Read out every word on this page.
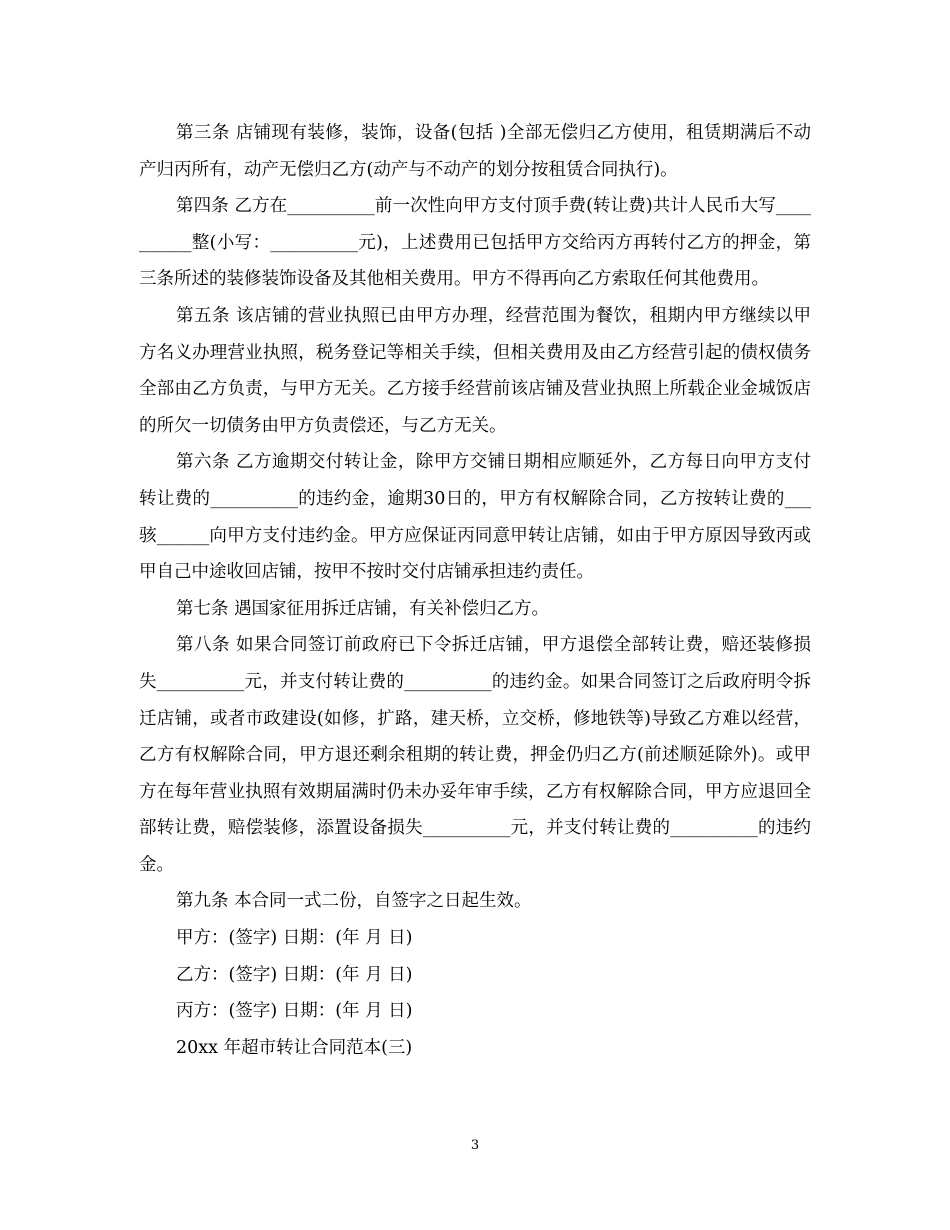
第三条 店铺现有装修，装饰，设备(包括 )全部无偿归乙方使用，租赁期满后不动产归丙所有，动产无偿归乙方(动产与不动产的划分按租赁合同执行)。

第四条 乙方在__________前一次性向甲方支付顶手费(转让费)共计人民币大写__________整(小写：__________元)，上述费用已包括甲方交给丙方再转付乙方的押金，第三条所述的装修装饰设备及其他相关费用。甲方不得再向乙方索取任何其他费用。

第五条 该店铺的营业执照已由甲方办理，经营范围为餐饮，租期内甲方继续以甲方名义办理营业执照，税务登记等相关手续，但相关费用及由乙方经营引起的债权债务全部由乙方负责，与甲方无关。乙方接手经营前该店铺及营业执照上所载企业金城饭店的所欠一切债务由甲方负责偿还，与乙方无关。

第六条 乙方逾期交付转让金，除甲方交铺日期相应顺延外，乙方每日向甲方支付转让费的__________的违约金，逾期30日的，甲方有权解除合同，乙方按转让费的___骇______向甲方支付违约金。甲方应保证丙同意甲转让店铺，如由于甲方原因导致丙或甲自己中途收回店铺，按甲不按时交付店铺承担违约责任。

第七条 遇国家征用拆迁店铺，有关补偿归乙方。

第八条 如果合同签订前政府已下令拆迁店铺，甲方退偿全部转让费，赔还装修损失__________元，并支付转让费的__________的违约金。如果合同签订之后政府明令拆迁店铺，或者市政建设(如修，扩路，建天桥，立交桥，修地铁等)导致乙方难以经营，乙方有权解除合同，甲方退还剩余租期的转让费，押金仍归乙方(前述顺延除外)。或甲方在每年营业执照有效期届满时仍未办妥年审手续，乙方有权解除合同，甲方应退回全部转让费，赔偿装修，添置设备损失__________元，并支付转让费的__________的违约金。

第九条 本合同一式二份，自签字之日起生效。

甲方：(签字) 日期：(年 月 日)

乙方：(签字) 日期：(年 月 日)

丙方：(签字) 日期：(年 月 日)

20xx 年超市转让合同范本(三)

3
